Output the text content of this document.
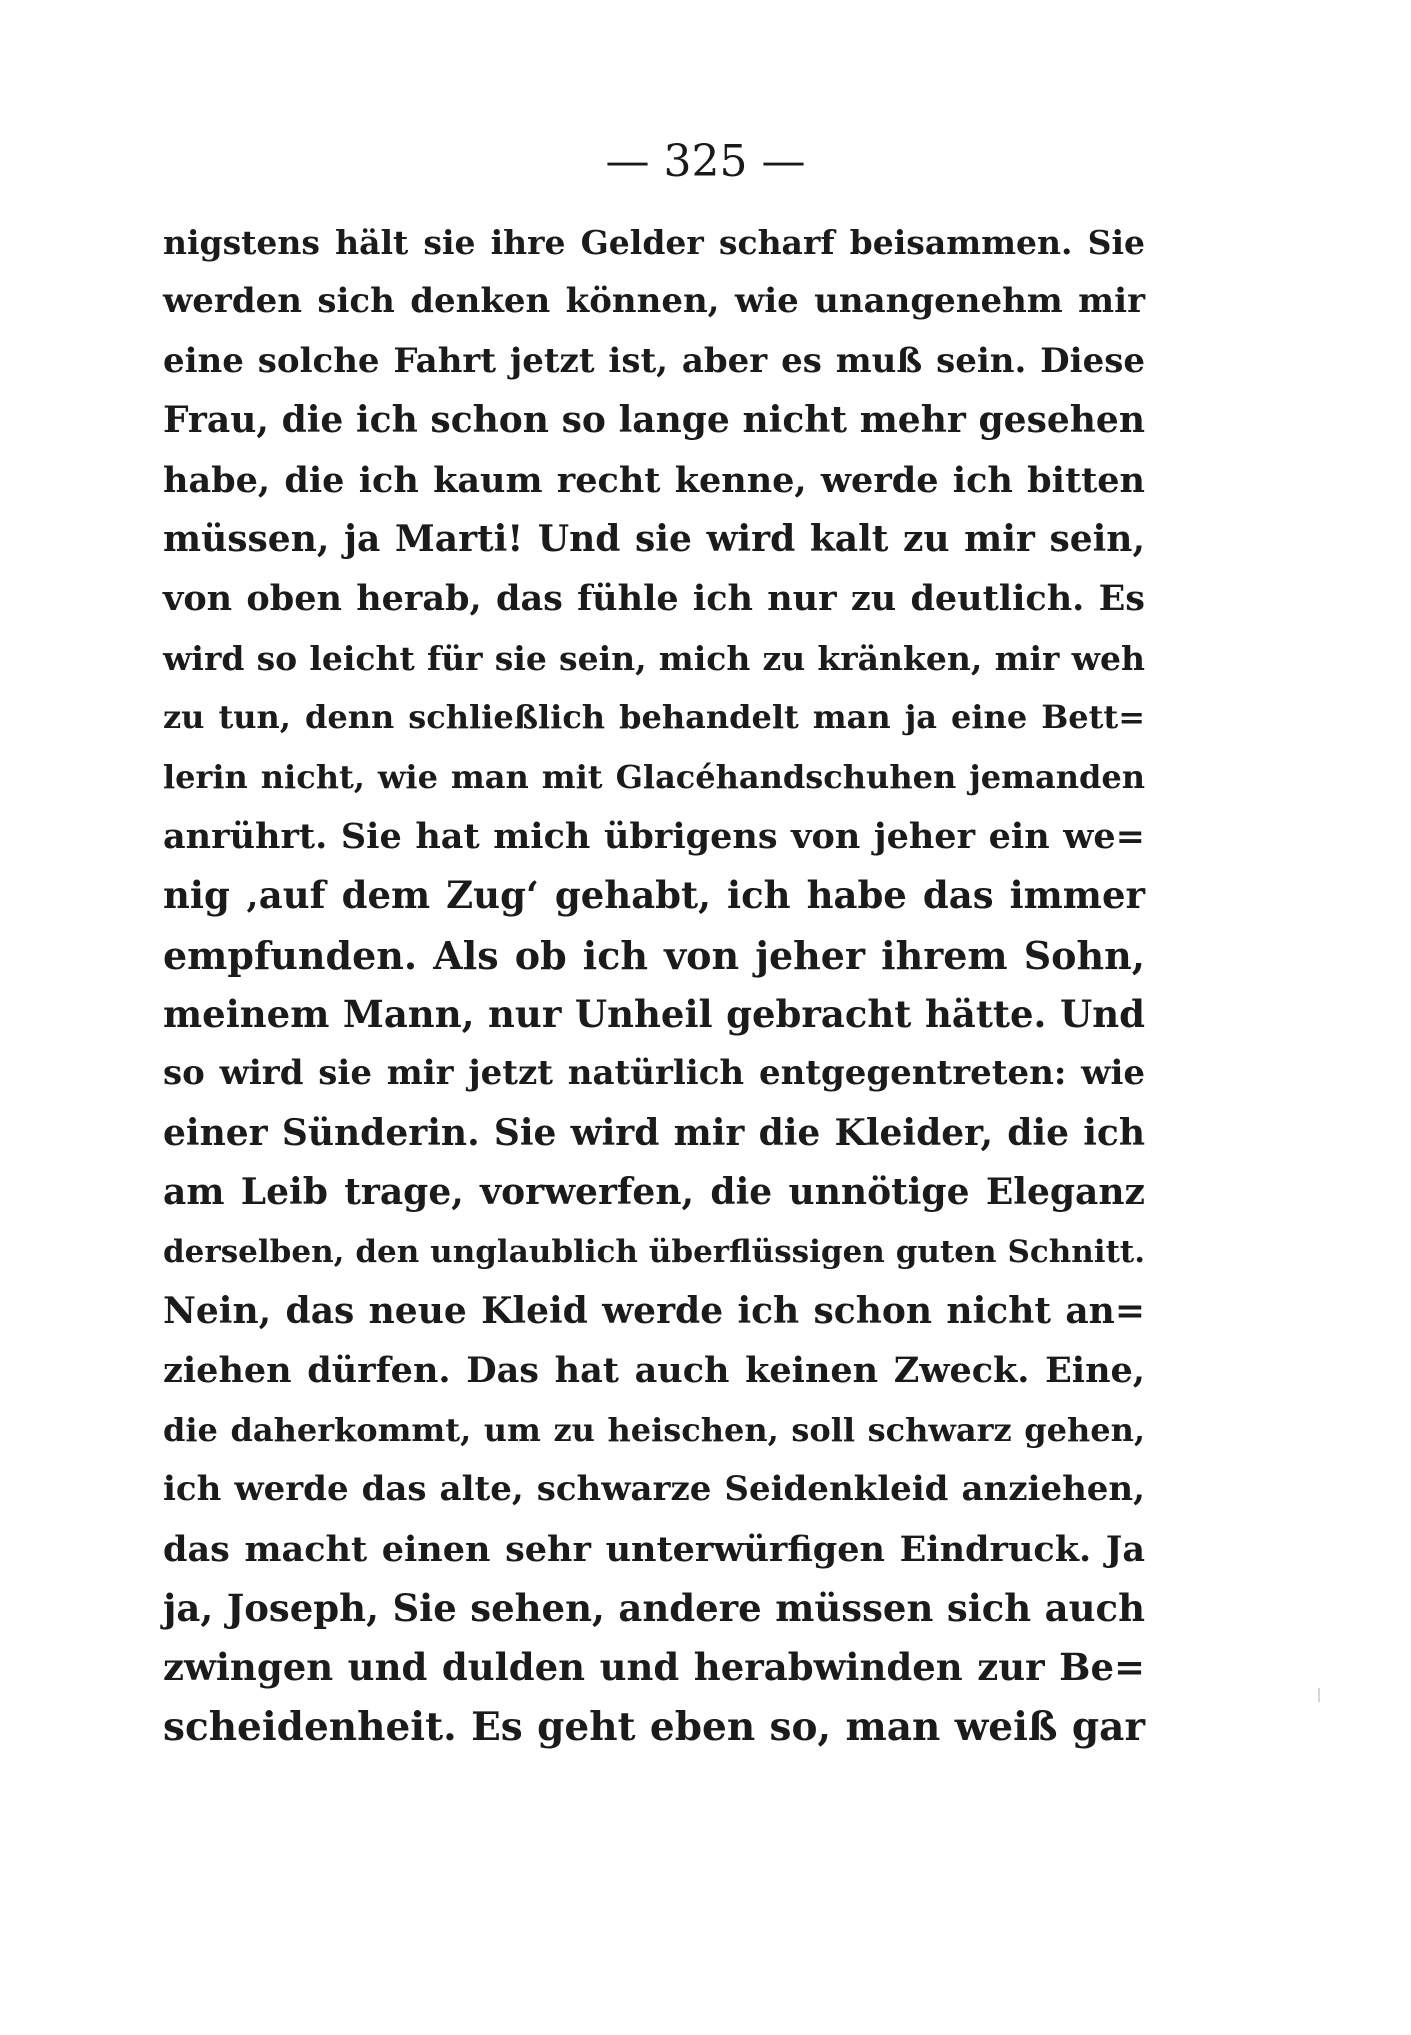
— 325 —
nigstens hält sie ihre Gelder scharf beisammen. Sie
werden sich denken können, wie unangenehm mir
eine solche Fahrt jetzt ist, aber es muß sein. Diese
Frau, die ich schon so lange nicht mehr gesehen
habe, die ich kaum recht kenne, werde ich bitten
müssen, ja Marti! Und sie wird kalt zu mir sein,
von oben herab, das fühle ich nur zu deutlich. Es
wird so leicht für sie sein, mich zu kränken, mir weh
zu tun, denn schließlich behandelt man ja eine Bett=
lerin nicht, wie man mit Glacéhandschuhen jemanden
anrührt. Sie hat mich übrigens von jeher ein we=
nig ‚auf dem Zug‘ gehabt, ich habe das immer
empfunden. Als ob ich von jeher ihrem Sohn,
meinem Mann, nur Unheil gebracht hätte. Und
so wird sie mir jetzt natürlich entgegentreten: wie
einer Sünderin. Sie wird mir die Kleider, die ich
am Leib trage, vorwerfen, die unnötige Eleganz
derselben, den unglaublich überflüssigen guten Schnitt.
Nein, das neue Kleid werde ich schon nicht an=
ziehen dürfen. Das hat auch keinen Zweck. Eine,
die daherkommt, um zu heischen, soll schwarz gehen,
ich werde das alte, schwarze Seidenkleid anziehen,
das macht einen sehr unterwürfigen Eindruck. Ja
ja, Joseph, Sie sehen, andere müssen sich auch
zwingen und dulden und herabwinden zur Be=
scheidenheit. Es geht eben so, man weiß gar
